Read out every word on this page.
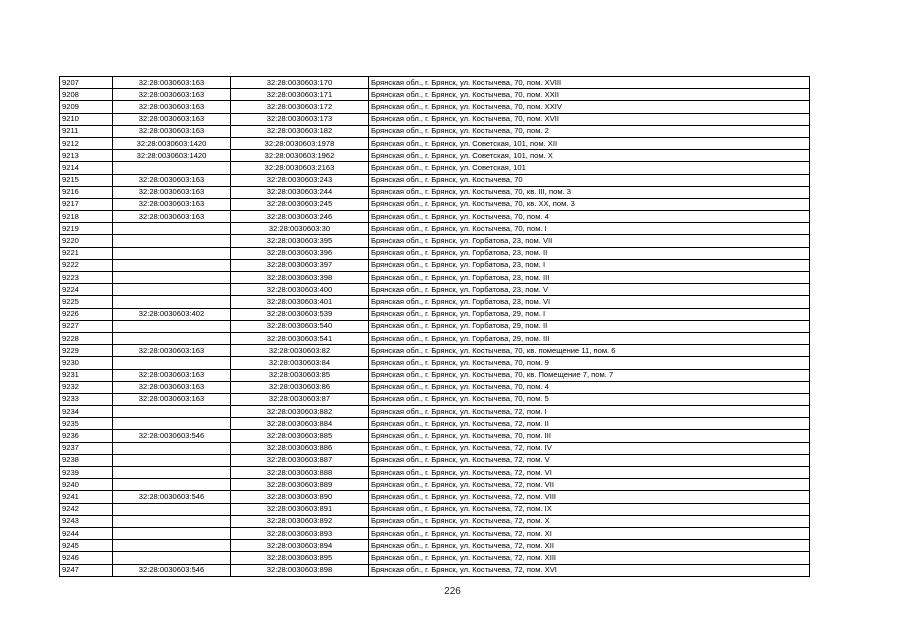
9207	32:28:0030603:163	32:28:0030603:170	Брянская обл., г. Брянск, ул. Костычева, 70, пом. XVIII
9208	32:28:0030603:163	32:28:0030603:171	Брянская обл., г. Брянск, ул. Костычева, 70, пом. XXII
9209	32:28:0030603:163	32:28:0030603:172	Брянская обл., г. Брянск, ул. Костычева, 70, пом. XXIV
9210	32:28:0030603:163	32:28:0030603:173	Брянская обл., г. Брянск, ул. Костычева, 70, пом. XVII
9211	32:28:0030603:163	32:28:0030603:182	Брянская обл., г. Брянск, ул. Костычева, 70, пом. 2
9212	32:28:0030603:1420	32:28:0030603:1978	Брянская обл., г. Брянск, ул. Советская, 101, пом. XII
9213	32:28:0030603:1420	32:28:0030603:1962	Брянская обл., г. Брянск, ул. Советская, 101, пом. X
9214		32:28:0030603:2163	Брянская обл., г. Брянск, ул. Советская, 101
9215	32:28:0030603:163	32:28:0030603:243	Брянская обл., г. Брянск, ул. Костычева, 70
9216	32:28:0030603:163	32:28:0030603:244	Брянская обл., г. Брянск, ул. Костычева, 70, кв. III, пом. 3
9217	32:28:0030603:163	32:28:0030603:245	Брянская обл., г. Брянск, ул. Костычева, 70, кв. XX, пом. 3
9218	32:28:0030603:163	32:28:0030603:246	Брянская обл., г. Брянск, ул. Костычева, 70, пом. 4
9219		32:28:0030603:30	Брянская обл., г. Брянск, ул. Костычева, 70, пом. I
9220		32:28:0030603:395	Брянская обл., г. Брянск, ул. Горбатова, 23, пом. VII
9221		32:28:0030603:396	Брянская обл., г. Брянск, ул. Горбатова, 23, пом. II
9222		32:28:0030603:397	Брянская обл., г. Брянск, ул. Горбатова, 23, пом. I
9223		32:28:0030603:398	Брянская обл., г. Брянск, ул. Горбатова, 23, пом. III
9224		32:28:0030603:400	Брянская обл., г. Брянск, ул. Горбатова, 23, пом. V
9225		32:28:0030603:401	Брянская обл., г. Брянск, ул. Горбатова, 23, пом. VI
9226	32:28:0030603:402	32:28:0030603:539	Брянская обл., г. Брянск, ул. Горбатова, 29, пом. I
9227		32:28:0030603:540	Брянская обл., г. Брянск, ул. Горбатова, 29, пом. II
9228		32:28:0030603:541	Брянская обл., г. Брянск, ул. Горбатова, 29, пом. III
9229	32:28:0030603:163	32:28:0030603:82	Брянская обл., г. Брянск, ул. Костычева, 70, кв. помещение 11, пом. 6
9230		32:28:0030603:84	Брянская обл., г. Брянск, ул. Костычева, 70, пом. 9
9231	32:28:0030603:163	32:28:0030603:85	Брянская обл., г. Брянск, ул. Костычева, 70, кв. Помещение 7, пом. 7
9232	32:28:0030603:163	32:28:0030603:86	Брянская обл., г. Брянск, ул. Костычева, 70, пом. 4
9233	32:28:0030603:163	32:28:0030603:87	Брянская обл., г. Брянск, ул. Костычева, 70, пом. 5
9234		32:28:0030603:882	Брянская обл., г. Брянск, ул. Костычева, 72, пом. I
9235		32:28:0030603:884	Брянская обл., г. Брянск, ул. Костычева, 72, пом. II
9236	32:28:0030603:546	32:28:0030603:885	Брянская обл., г. Брянск, ул. Костычева, 70, пом. III
9237		32:28:0030603:886	Брянская обл., г. Брянск, ул. Костычева, 72, пом. IV
9238		32:28:0030603:887	Брянская обл., г. Брянск, ул. Костычева, 72, пом. V
9239		32:28:0030603:888	Брянская обл., г. Брянск, ул. Костычева, 72, пом. VI
9240		32:28:0030603:889	Брянская обл., г. Брянск, ул. Костычева, 72, пом. VII
9241	32:28:0030603:546	32:28:0030603:890	Брянская обл., г. Брянск, ул. Костычева, 72, пом. VIII
9242		32:28:0030603:891	Брянская обл., г. Брянск, ул. Костычева, 72, пом. IX
9243		32:28:0030603:892	Брянская обл., г. Брянск, ул. Костычева, 72, пом. X
9244		32:28:0030603:893	Брянская обл., г. Брянск, ул. Костычева, 72, пом. XI
9245		32:28:0030603:894	Брянская обл., г. Брянск, ул. Костычева, 72, пом. XII
9246		32:28:0030603:895	Брянская обл., г. Брянск, ул. Костычева, 72, пом. XIII
9247	32:28:0030603:546	32:28:0030603:898	Брянская обл., г. Брянск, ул. Костычева, 72, пом. XVI
226
